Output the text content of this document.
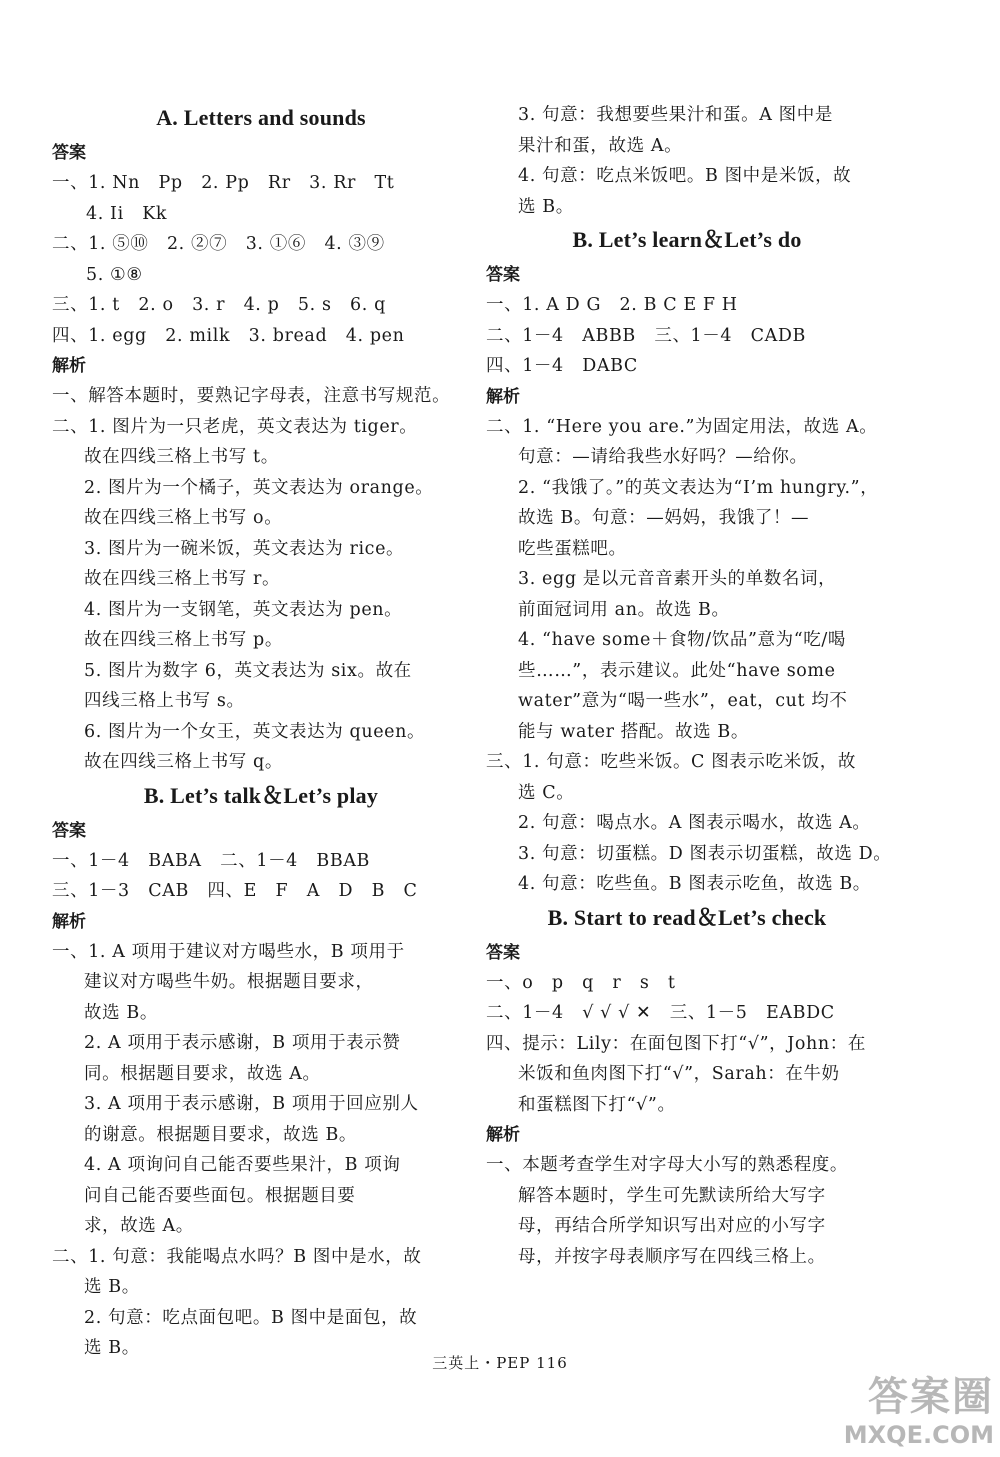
A. Letters and sounds
答案
一、1. Nn   Pp   2. Pp   Rr   3. Rr   Tt
4. Ii   Kk
二、1. ⑤⑩   2. ②⑦   3. ①⑥   4. ③⑨
5. ①⑧
三、1. t   2. o   3. r   4. p   5. s   6. q
四、1. egg   2. milk   3. bread   4. pen
解析
一、解答本题时，要熟记字母表，注意书写规范。
二、1. 图片为一只老虎，英文表达为 tiger。
故在四线三格上书写 t。
2. 图片为一个橘子，英文表达为 orange。
故在四线三格上书写 o。
3. 图片为一碗米饭，英文表达为 rice。
故在四线三格上书写 r。
4. 图片为一支钢笔，英文表达为 pen。
故在四线三格上书写 p。
5. 图片为数字 6，英文表达为 six。故在
四线三格上书写 s。
6. 图片为一个女王，英文表达为 queen。
故在四线三格上书写 q。
B. Let’s talk＆Let’s play
答案
一、1－4   BABA   二、1－4   BBAB
三、1－3   CAB   四、E   F   A   D   B   C
解析
一、1. A 项用于建议对方喝些水，B 项用于
建议对方喝些牛奶。根据题目要求，
故选 B。
2. A 项用于表示感谢，B 项用于表示赞
同。根据题目要求，故选 A。
3. A 项用于表示感谢，B 项用于回应别人
的谢意。根据题目要求，故选 B。
4. A 项询问自己能否要些果汁，B 项询
问自己能否要些面包。根据题目要
求，故选 A。
二、1. 句意：我能喝点水吗？B 图中是水，故
选 B。
2. 句意：吃点面包吧。B 图中是面包，故
选 B。
3. 句意：我想要些果汁和蛋。A 图中是
果汁和蛋，故选 A。
4. 句意：吃点米饭吧。B 图中是米饭，故
选 B。
B. Let’s learn＆Let’s do
答案
一、1. A D G   2. B C E F H
二、1－4   ABBB   三、1－4   CADB
四、1－4   DABC
解析
二、1. “Here you are.”为固定用法，故选 A。
句意：—请给我些水好吗？—给你。
2. “我饿了。”的英文表达为“I’m hungry.”，
故选 B。句意：—妈妈，我饿了！—
吃些蛋糕吧。
3. egg 是以元音音素开头的单数名词，
前面冠词用 an。故选 B。
4. “have some＋食物/饮品”意为“吃/喝
些……”，表示建议。此处“have some
water”意为“喝一些水”，eat，cut 均不
能与 water 搭配。故选 B。
三、1. 句意：吃些米饭。C 图表示吃米饭，故
选 C。
2. 句意：喝点水。A 图表示喝水，故选 A。
3. 句意：切蛋糕。D 图表示切蛋糕，故选 D。
4. 句意：吃些鱼。B 图表示吃鱼，故选 B。
B. Start to read＆Let’s check
答案
一、o   p   q   r   s   t
二、1－4   √ √ √ ✕   三、1－5   EABDC
四、提示：Lily：在面包图下打“√”，John：在
米饭和鱼肉图下打“√”，Sarah：在牛奶
和蛋糕图下打“√”。
解析
一、本题考查学生对字母大小写的熟悉程度。
解答本题时，学生可先默读所给大写字
母，再结合所学知识写出对应的小写字
母，并按字母表顺序写在四线三格上。
三英上・PEP 116
答案圈
MXQE.COM
